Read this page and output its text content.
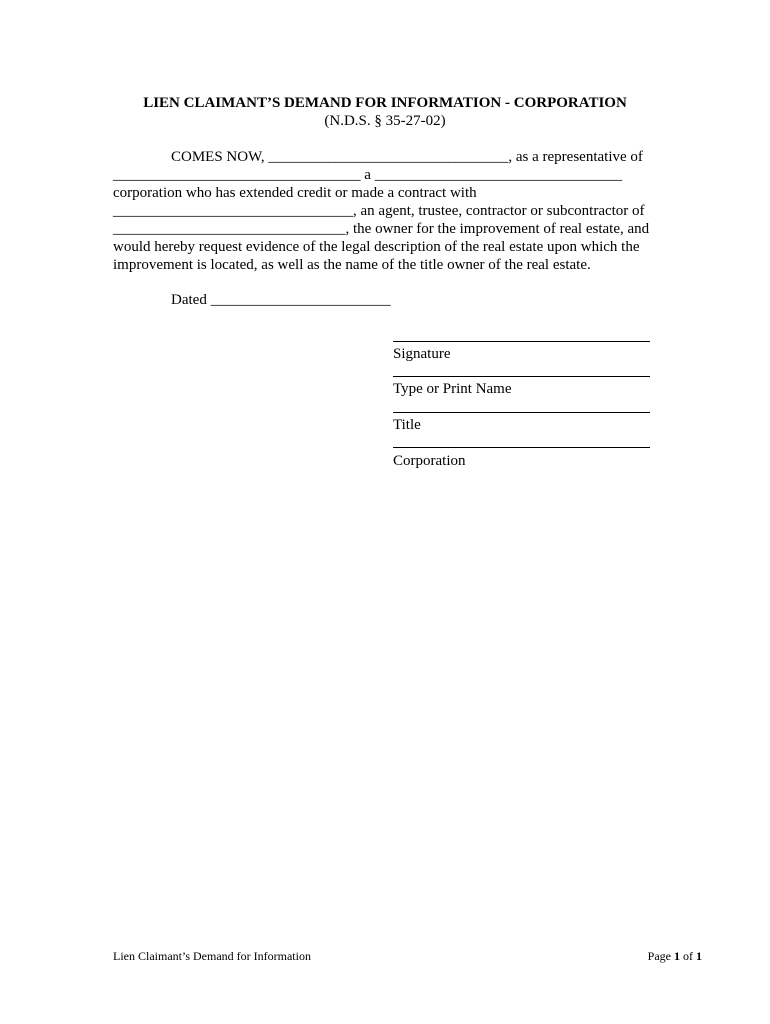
LIEN CLAIMANT’S DEMAND FOR INFORMATION - CORPORATION
(N.D.S. § 35-27-02)
COMES NOW, ________________________________, as a representative of
_________________________________ a _________________________________
corporation who has extended credit or made a contract with
________________________________, an agent, trustee, contractor or subcontractor of
_______________________________, the owner for the improvement of real estate, and
would hereby request evidence of the legal description of the real estate upon which the
improvement is located, as well as the name of the title owner of the real estate.
Dated ________________________
Signature
Type or Print Name
Title
Corporation
Lien Claimant’s Demand for Information	Page 1 of 1
